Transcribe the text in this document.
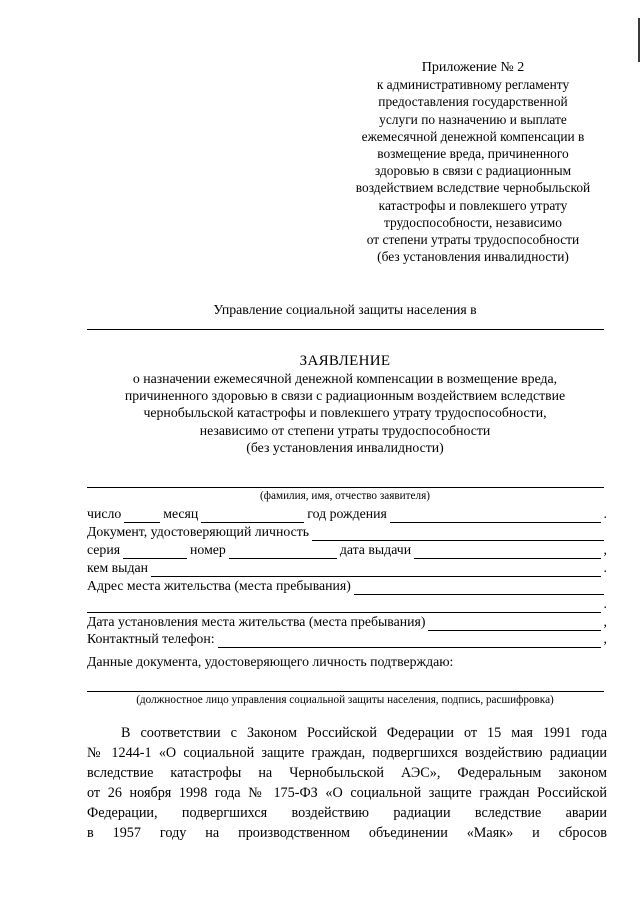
Приложение № 2
к административному регламенту
предоставления государственной
услуги по назначению и выплате
ежемесячной денежной компенсации в
возмещение вреда, причиненного
здоровью в связи с радиационным
воздействием вследствие чернобыльской
катастрофы и повлекшего утрату
трудоспособности, независимо
от степени утраты трудоспособности
(без установления инвалидности)
Управление социальной защиты населения в
ЗАЯВЛЕНИЕ
о назначении ежемесячной денежной компенсации в возмещение вреда,
причиненного здоровью в связи с радиационным воздействием вследствие
чернобыльской катастрофы и повлекшего утрату трудоспособности,
независимо от степени утраты трудоспособности
(без установления инвалидности)
(фамилия, имя, отчество заявителя)
число	месяц	год рождения	.
Документ, удостоверяющий личность
серия	номер	дата выдачи	,
кем выдан	.
Адрес места жительства (места пребывания)
.
Дата установления места жительства (места пребывания)	,
Контактный телефон:	,
Данные документа, удостоверяющего личность подтверждаю:
(должностное лицо управления социальной защиты населения, подпись, расшифровка)
В соответствии с Законом Российской Федерации от 15 мая 1991 года
№ 1244-1 «О социальной защите граждан, подвергшихся воздействию радиации
вследствие катастрофы на Чернобыльской АЭС», Федеральным законом
от 26 ноября 1998 года № 175-ФЗ «О социальной защите граждан Российской
Федерации, подвергшихся воздействию радиации вследствие аварии
в 1957 году на производственном объединении «Маяк» и сбросов
